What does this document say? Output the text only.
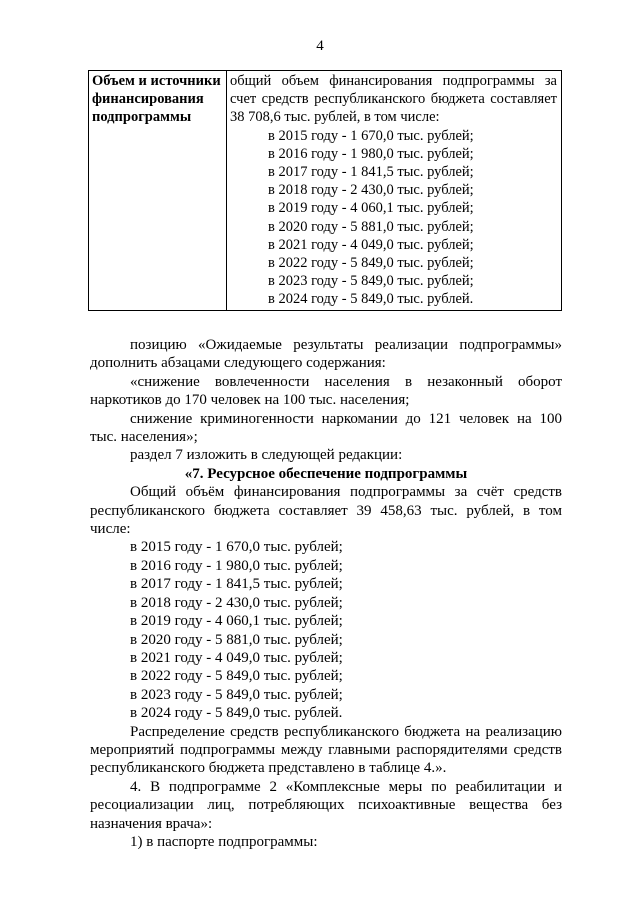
4
Объем и источники финансирования подпрограммы	
общий объем финансирования подпрограммы за счет средств республиканского бюджета составляет 38 708,6 тыс. рублей, в том числе:
в 2015 году - 1 670,0 тыс. рублей;
в 2016 году - 1 980,0 тыс. рублей;
в 2017 году - 1 841,5 тыс. рублей;
в 2018 году - 2 430,0 тыс. рублей;
в 2019 году - 4 060,1 тыс. рублей;
в 2020 году - 5 881,0 тыс. рублей;
в 2021 году - 4 049,0 тыс. рублей;
в 2022 году - 5 849,0 тыс. рублей;
в 2023 году - 5 849,0 тыс. рублей;
в 2024 году - 5 849,0 тыс. рублей.

позицию «Ожидаемые результаты реализации подпрограммы» дополнить абзацами следующего содержания:

«снижение вовлеченности населения в незаконный оборот наркотиков до 170 человек на 100 тыс. населения;

снижение криминогенности наркомании до 121 человек на 100 тыс. населения»;

раздел 7 изложить в следующей редакции:

«7. Ресурсное обеспечение подпрограммы

Общий объём финансирования подпрограммы за счёт средств республиканского бюджета составляет 39 458,63 тыс. рублей, в том числе:

в 2015 году - 1 670,0 тыс. рублей;

в 2016 году - 1 980,0 тыс. рублей;

в 2017 году - 1 841,5 тыс. рублей;

в 2018 году - 2 430,0 тыс. рублей;

в 2019 году - 4 060,1 тыс. рублей;

в 2020 году - 5 881,0 тыс. рублей;

в 2021 году - 4 049,0 тыс. рублей;

в 2022 году - 5 849,0 тыс. рублей;

в 2023 году - 5 849,0 тыс. рублей;

в 2024 году - 5 849,0 тыс. рублей.

Распределение средств республиканского бюджета на реализацию мероприятий подпрограммы между главными распорядителями средств республиканского бюджета представлено в таблице 4.».

4. В подпрограмме 2 «Комплексные меры по реабилитации и ресоциализации лиц, потребляющих психоактивные вещества без назначения врача»:

1) в паспорте подпрограммы:
